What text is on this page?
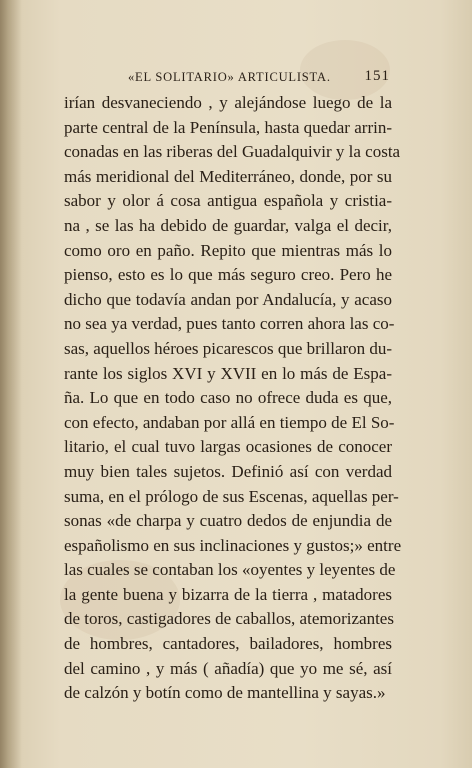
«EL SOLITARIO» ARTICULISTA. 151
irían desvaneciendo , y alejándose luego de la
parte central de la Península, hasta quedar arrin-
conadas en las riberas del Guadalquivir y la costa
más meridional del Mediterráneo, donde, por su
sabor y olor á cosa antigua española y cristia-
na , se las ha debido de guardar, valga el decir,
como oro en paño. Repito que mientras más lo
pienso, esto es lo que más seguro creo. Pero he
dicho que todavía andan por Andalucía, y acaso
no sea ya verdad, pues tanto corren ahora las co-
sas, aquellos héroes picarescos que brillaron du-
rante los siglos XVI y XVII en lo más de Espa-
ña. Lo que en todo caso no ofrece duda es que,
con efecto, andaban por allá en tiempo de El So-
litario, el cual tuvo largas ocasiones de conocer
muy bien tales sujetos. Definió así con verdad
suma, en el prólogo de sus Escenas, aquellas per-
sonas «de charpa y cuatro dedos de enjundia de
españolismo en sus inclinaciones y gustos;» entre
las cuales se contaban los «oyentes y leyentes de
la gente buena y bizarra de la tierra , matadores
de toros, castigadores de caballos, atemorizantes
de hombres, cantadores, bailadores, hombres
del camino , y más ( añadía) que yo me sé, así
de calzón y botín como de mantellina y sayas.»
